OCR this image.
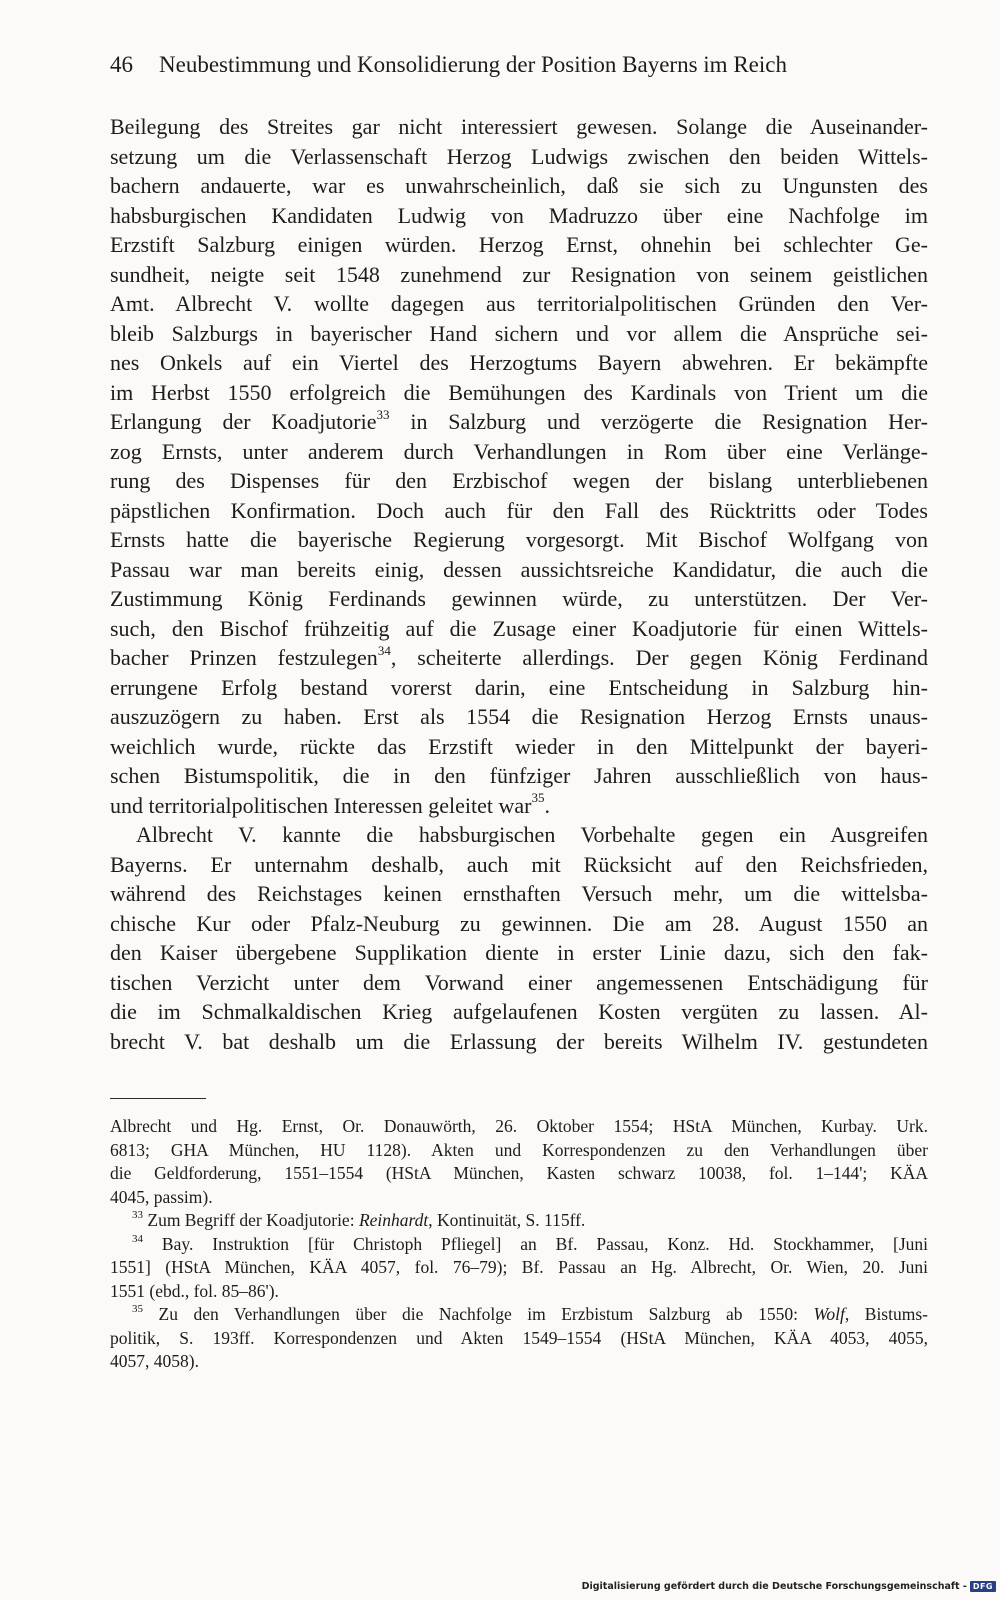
46 Neubestimmung und Konsolidierung der Position Bayerns im Reich
Beilegung des Streites gar nicht interessiert gewesen. Solange die Auseinander-
setzung um die Verlassenschaft Herzog Ludwigs zwischen den beiden Wittels-
bachern andauerte, war es unwahrscheinlich, daß sie sich zu Ungunsten des
habsburgischen Kandidaten Ludwig von Madruzzo über eine Nachfolge im
Erzstift Salzburg einigen würden. Herzog Ernst, ohnehin bei schlechter Ge-
sundheit, neigte seit 1548 zunehmend zur Resignation von seinem geistlichen
Amt. Albrecht V. wollte dagegen aus territorialpolitischen Gründen den Ver-
bleib Salzburgs in bayerischer Hand sichern und vor allem die Ansprüche sei-
nes Onkels auf ein Viertel des Herzogtums Bayern abwehren. Er bekämpfte
im Herbst 1550 erfolgreich die Bemühungen des Kardinals von Trient um die
Erlangung der Koadjutorie$^{33}$ in Salzburg und verzögerte die Resignation Her-
zog Ernsts, unter anderem durch Verhandlungen in Rom über eine Verlänge-
rung des Dispenses für den Erzbischof wegen der bislang unterbliebenen
päpstlichen Konfirmation. Doch auch für den Fall des Rücktritts oder Todes
Ernsts hatte die bayerische Regierung vorgesorgt. Mit Bischof Wolfgang von
Passau war man bereits einig, dessen aussichtsreiche Kandidatur, die auch die
Zustimmung König Ferdinands gewinnen würde, zu unterstützen. Der Ver-
such, den Bischof frühzeitig auf die Zusage einer Koadjutorie für einen Wittels-
bacher Prinzen festzulegen$^{34}$, scheiterte allerdings. Der gegen König Ferdinand
errungene Erfolg bestand vorerst darin, eine Entscheidung in Salzburg hin-
auszuzögern zu haben. Erst als 1554 die Resignation Herzog Ernsts unaus-
weichlich wurde, rückte das Erzstift wieder in den Mittelpunkt der bayeri-
schen Bistumspolitik, die in den fünfziger Jahren ausschließlich von haus-
und territorialpolitischen Interessen geleitet war$^{35}$.
Albrecht V. kannte die habsburgischen Vorbehalte gegen ein Ausgreifen
Bayerns. Er unternahm deshalb, auch mit Rücksicht auf den Reichsfrieden,
während des Reichstages keinen ernsthaften Versuch mehr, um die wittelsba-
chische Kur oder Pfalz-Neuburg zu gewinnen. Die am 28. August 1550 an
den Kaiser übergebene Supplikation diente in erster Linie dazu, sich den fak-
tischen Verzicht unter dem Vorwand einer angemessenen Entschädigung für
die im Schmalkaldischen Krieg aufgelaufenen Kosten vergüten zu lassen. Al-
brecht V. bat deshalb um die Erlassung der bereits Wilhelm IV. gestundeten
Albrecht und Hg. Ernst, Or. Donauwörth, 26. Oktober 1554; HStA München, Kurbay. Urk.
6813; GHA München, HU 1128). Akten und Korrespondenzen zu den Verhandlungen über
die Geldforderung, 1551–1554 (HStA München, Kasten schwarz 10038, fol. 1–144'; KÄA
4045, passim).
$^{33}$ Zum Begriff der Koadjutorie: Reinhardt, Kontinuität, S. 115ff.
$^{34}$ Bay. Instruktion [für Christoph Pfliegel] an Bf. Passau, Konz. Hd. Stockhammer, [Juni
1551] (HStA München, KÄA 4057, fol. 76–79); Bf. Passau an Hg. Albrecht, Or. Wien, 20. Juni
1551 (ebd., fol. 85–86').
$^{35}$ Zu den Verhandlungen über die Nachfolge im Erzbistum Salzburg ab 1550: Wolf, Bistums-
politik, S. 193ff. Korrespondenzen und Akten 1549–1554 (HStA München, KÄA 4053, 4055,
4057, 4058).
Digitalisierung gefördert durch die Deutsche Forschungsgemeinschaft - DFG
